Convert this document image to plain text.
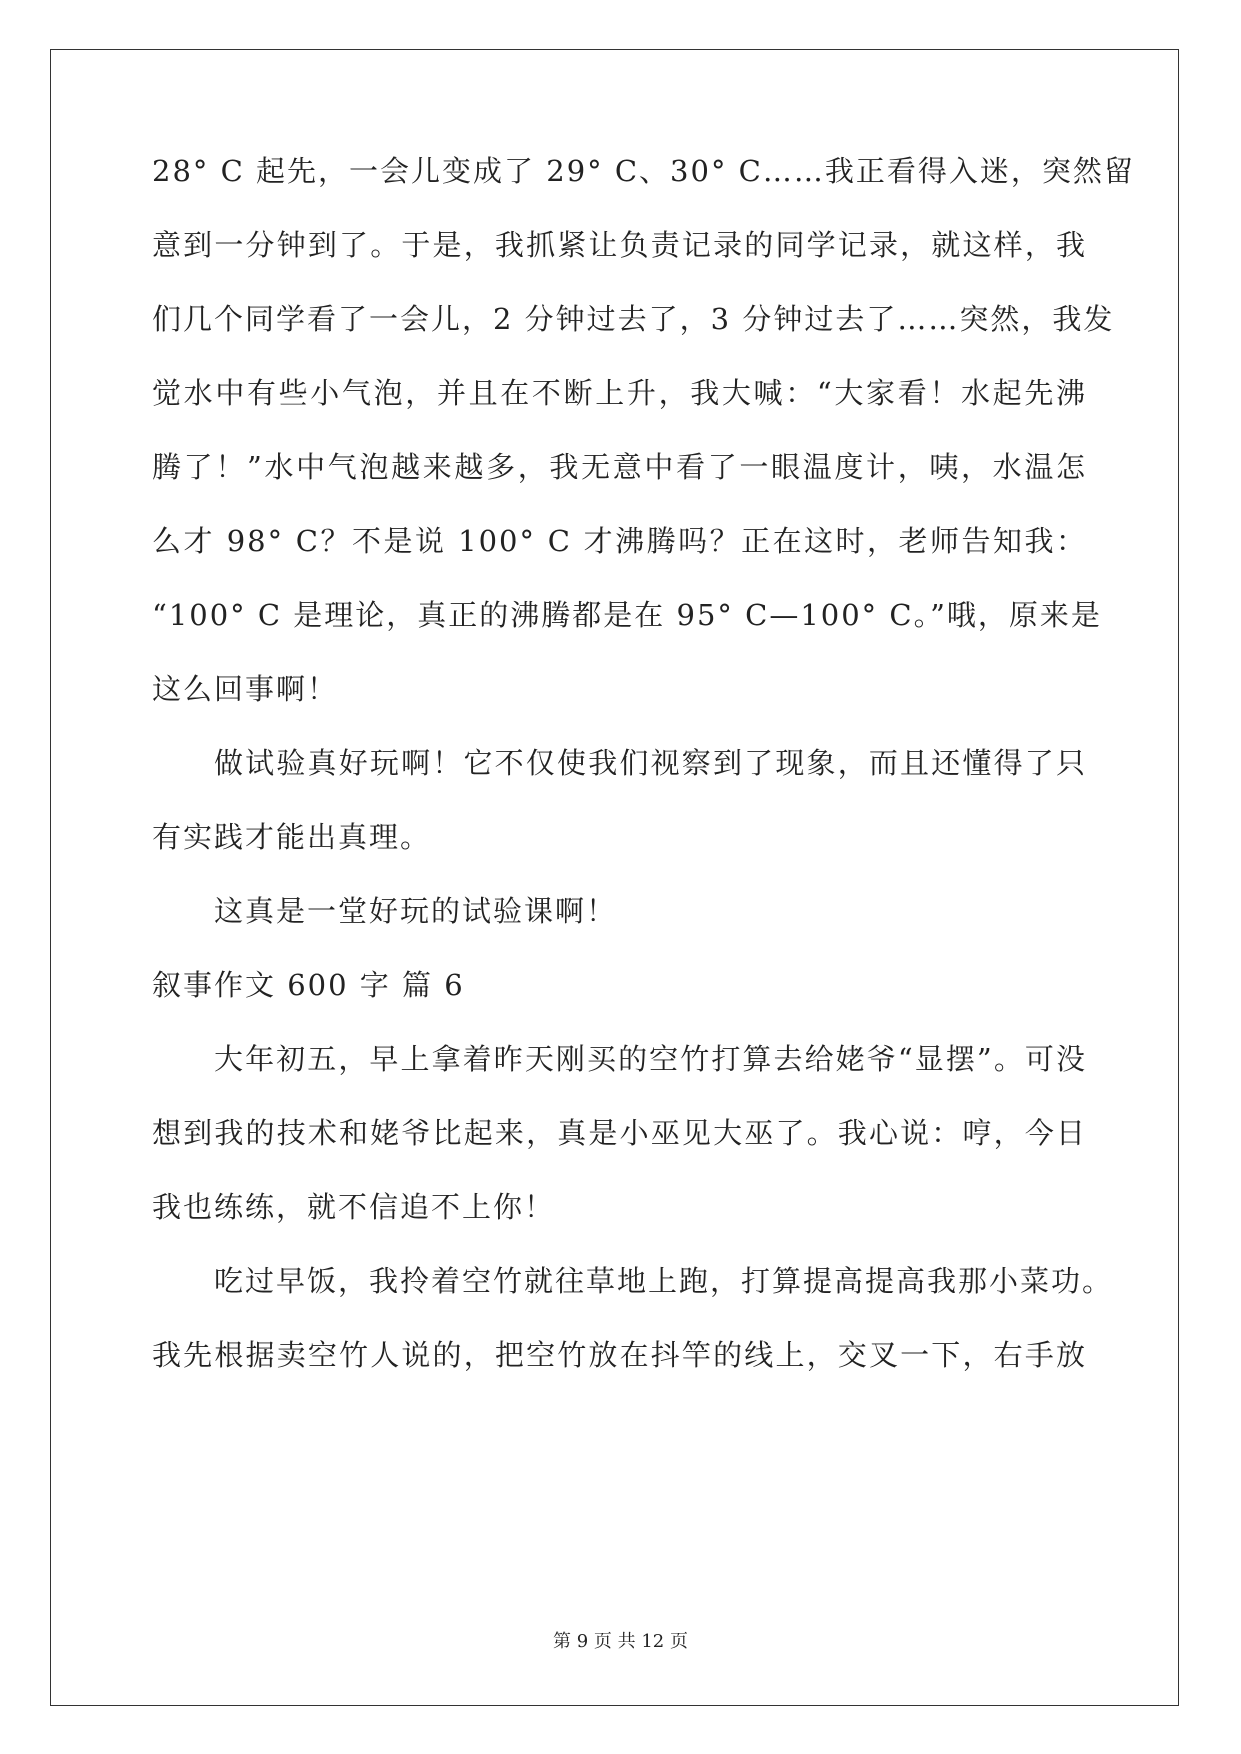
28° C 起先，一会儿变成了 29° C、30° C……我正看得入迷，突然留
意到一分钟到了。于是，我抓紧让负责记录的同学记录，就这样，我
们几个同学看了一会儿，2 分钟过去了，3 分钟过去了……突然，我发
觉水中有些小气泡，并且在不断上升，我大喊：“大家看！水起先沸
腾了！”水中气泡越来越多，我无意中看了一眼温度计，咦，水温怎
么才 98° C？不是说 100° C 才沸腾吗？正在这时，老师告知我：
“100° C 是理论，真正的沸腾都是在 95° C—100° C。”哦，原来是
这么回事啊！
做试验真好玩啊！它不仅使我们视察到了现象，而且还懂得了只
有实践才能出真理。
这真是一堂好玩的试验课啊！
叙事作文 600 字 篇 6
大年初五，早上拿着昨天刚买的空竹打算去给姥爷“显摆”。可没
想到我的技术和姥爷比起来，真是小巫见大巫了。我心说：哼，今日
我也练练，就不信追不上你！
吃过早饭，我拎着空竹就往草地上跑，打算提高提高我那小菜功。
我先根据卖空竹人说的，把空竹放在抖竿的线上，交叉一下，右手放
第 9 页 共 12 页
